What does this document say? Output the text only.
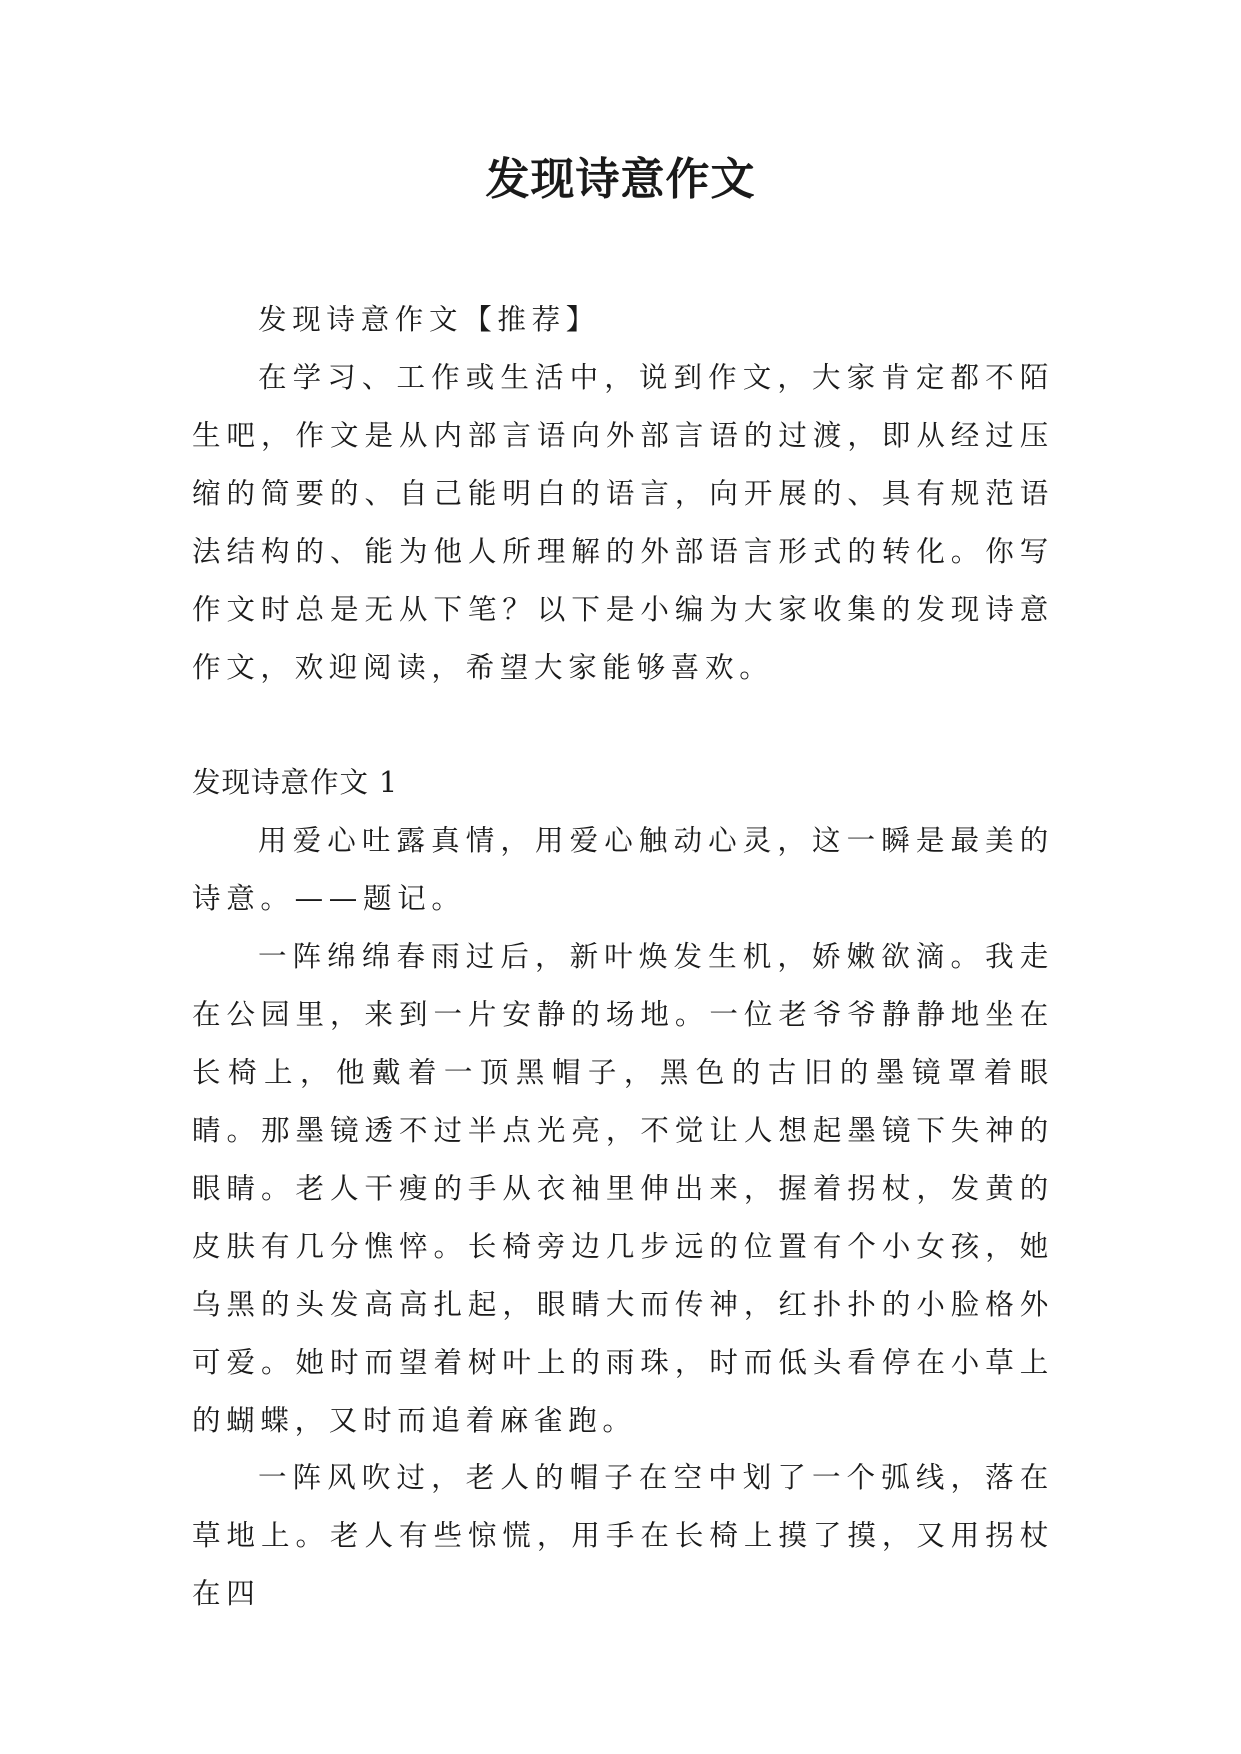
发现诗意作文

发现诗意作文【推荐】

在学习、工作或生活中，说到作文，大家肯定都不陌生吧，作文是从内部言语向外部言语的过渡，即从经过压缩的简要的、自己能明白的语言，向开展的、具有规范语法结构的、能为他人所理解的外部语言形式的转化。你写作文时总是无从下笔？以下是小编为大家收集的发现诗意作文，欢迎阅读，希望大家能够喜欢。

发现诗意作文 1

用爱心吐露真情，用爱心触动心灵，这一瞬是最美的诗意。——题记。

一阵绵绵春雨过后，新叶焕发生机，娇嫩欲滴。我走在公园里，来到一片安静的场地。一位老爷爷静静地坐在长椅上，他戴着一顶黑帽子，黑色的古旧的墨镜罩着眼睛。那墨镜透不过半点光亮，不觉让人想起墨镜下失神的眼睛。老人干瘦的手从衣袖里伸出来，握着拐杖，发黄的皮肤有几分憔悴。长椅旁边几步远的位置有个小女孩，她乌黑的头发高高扎起，眼睛大而传神，红扑扑的小脸格外可爱。她时而望着树叶上的雨珠，时而低头看停在小草上的蝴蝶，又时而追着麻雀跑。

一阵风吹过，老人的帽子在空中划了一个弧线，落在草地上。老人有些惊慌，用手在长椅上摸了摸，又用拐杖在四
